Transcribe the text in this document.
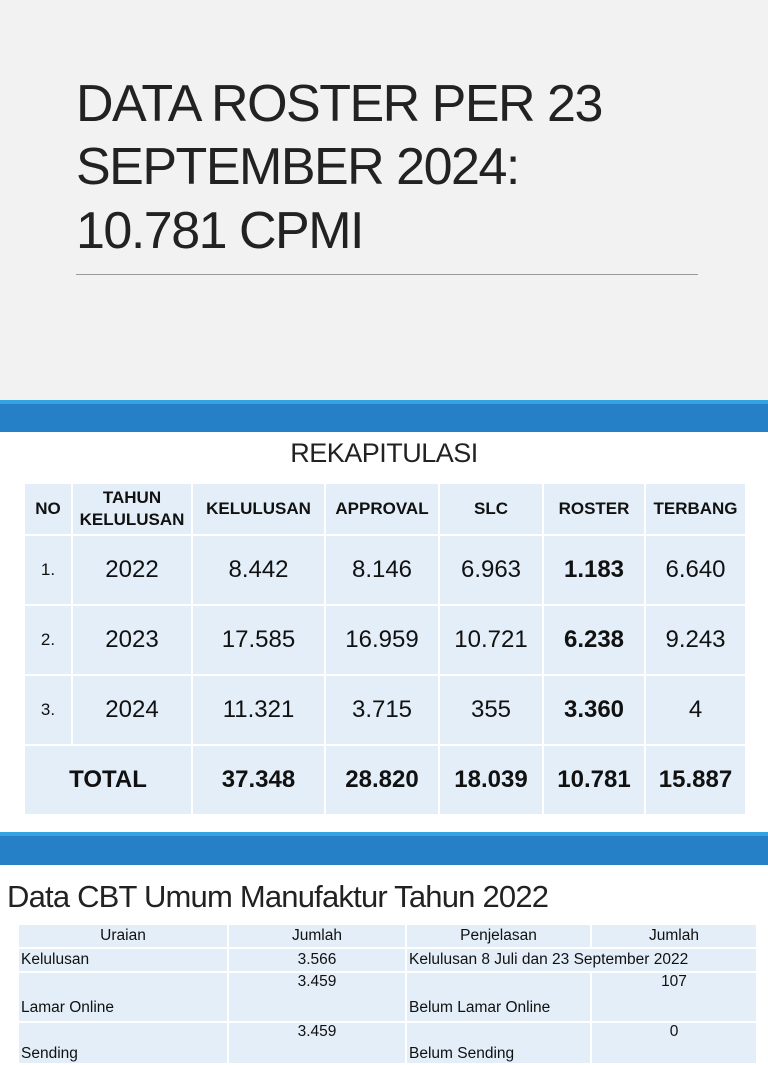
DATA ROSTER PER 23
SEPTEMBER 2024:
10.781 CPMI
REKAPITULASI
NO	TAHUN KELULUSAN	KELULUSAN	APPROVAL	SLC	ROSTER	TERBANG
1.	2022	8.442	8.146	6.963	1.183	6.640
2.	2023	17.585	16.959	10.721	6.238	9.243
3.	2024	11.321	3.715	355	3.360	4
TOTAL		37.348	28.820	18.039	10.781	15.887
Data CBT Umum Manufaktur Tahun 2022
Uraian	Jumlah	Penjelasan	Jumlah
Kelulusan	3.566	Kelulusan 8 Juli dan 23 September 2022	
Lamar Online	3.459	Belum Lamar Online	107
Sending	3.459	Belum Sending	0
